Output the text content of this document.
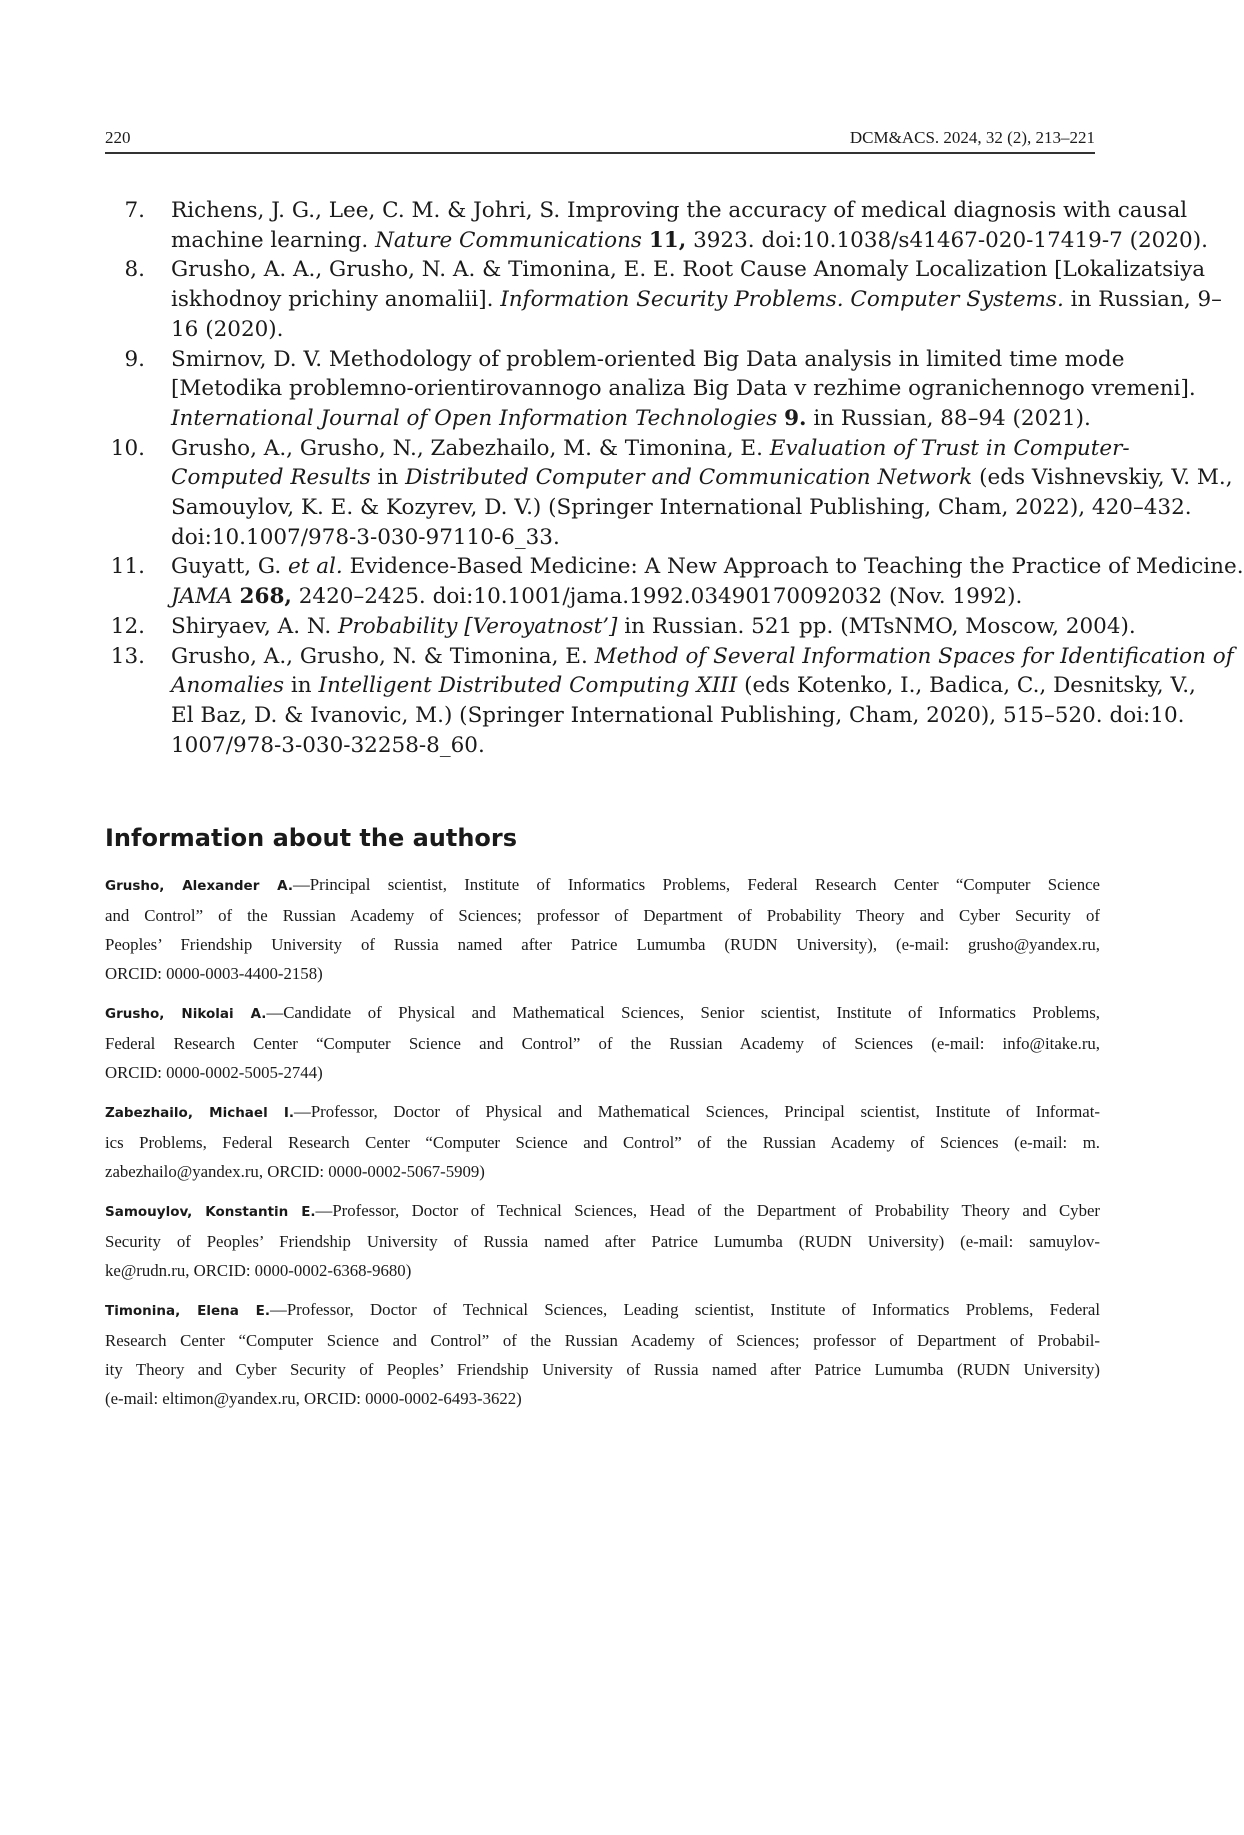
220	DCM&ACS. 2024, 32 (2), 213–221
7. Richens, J. G., Lee, C. M. & Johri, S. Improving the accuracy of medical diagnosis with causal
machine learning. Nature Communications 11, 3923. doi:10.1038/s41467-020-17419-7 (2020).
8. Grusho, A. A., Grusho, N. A. & Timonina, E. E. Root Cause Anomaly Localization [Lokalizatsiya
iskhodnoy prichiny anomalii]. Information Security Problems. Computer Systems. in Russian, 9–
16 (2020).
9. Smirnov, D. V. Methodology of problem-oriented Big Data analysis in limited time mode
[Metodika problemno-orientirovannogo analiza Big Data v rezhime ogranichennogo vremeni].
International Journal of Open Information Technologies 9. in Russian, 88–94 (2021).
10. Grusho, A., Grusho, N., Zabezhailo, M. & Timonina, E. Evaluation of Trust in Computer-
Computed Results in Distributed Computer and Communication Network (eds Vishnevskiy, V. M.,
Samouylov, K. E. & Kozyrev, D. V.) (Springer International Publishing, Cham, 2022), 420–432.
doi:10.1007/978-3-030-97110-6_33.
11. Guyatt, G. et al. Evidence-Based Medicine: A New Approach to Teaching the Practice of Medicine.
JAMA 268, 2420–2425. doi:10.1001/jama.1992.03490170092032 (Nov. 1992).
12. Shiryaev, A. N. Probability [Veroyatnost’] in Russian. 521 pp. (MTsNMO, Moscow, 2004).
13. Grusho, A., Grusho, N. & Timonina, E. Method of Several Information Spaces for Identification of
Anomalies in Intelligent Distributed Computing XIII (eds Kotenko, I., Badica, C., Desnitsky, V.,
El Baz, D. & Ivanovic, M.) (Springer International Publishing, Cham, 2020), 515–520. doi:10.
1007/978-3-030-32258-8_60.
Information about the authors
Grusho, Alexander A.—Principal scientist, Institute of Informatics Problems, Federal Research Center “Computer Science
and Control” of the Russian Academy of Sciences; professor of Department of Probability Theory and Cyber Security of
Peoples’ Friendship University of Russia named after Patrice Lumumba (RUDN University), (e-mail: grusho@yandex.ru,
ORCID: 0000-0003-4400-2158)
Grusho, Nikolai A.—Candidate of Physical and Mathematical Sciences, Senior scientist, Institute of Informatics Problems,
Federal Research Center “Computer Science and Control” of the Russian Academy of Sciences (e-mail: info@itake.ru,
ORCID: 0000-0002-5005-2744)
Zabezhailo, Michael I.—Professor, Doctor of Physical and Mathematical Sciences, Principal scientist, Institute of Informat-
ics Problems, Federal Research Center “Computer Science and Control” of the Russian Academy of Sciences (e-mail: m.
zabezhailo@yandex.ru, ORCID: 0000-0002-5067-5909)
Samouylov, Konstantin E.—Professor, Doctor of Technical Sciences, Head of the Department of Probability Theory and Cyber
Security of Peoples’ Friendship University of Russia named after Patrice Lumumba (RUDN University) (e-mail: samuylov-
ke@rudn.ru, ORCID: 0000-0002-6368-9680)
Timonina, Elena E.—Professor, Doctor of Technical Sciences, Leading scientist, Institute of Informatics Problems, Federal
Research Center “Computer Science and Control” of the Russian Academy of Sciences; professor of Department of Probabil-
ity Theory and Cyber Security of Peoples’ Friendship University of Russia named after Patrice Lumumba (RUDN University)
(e-mail: eltimon@yandex.ru, ORCID: 0000-0002-6493-3622)
